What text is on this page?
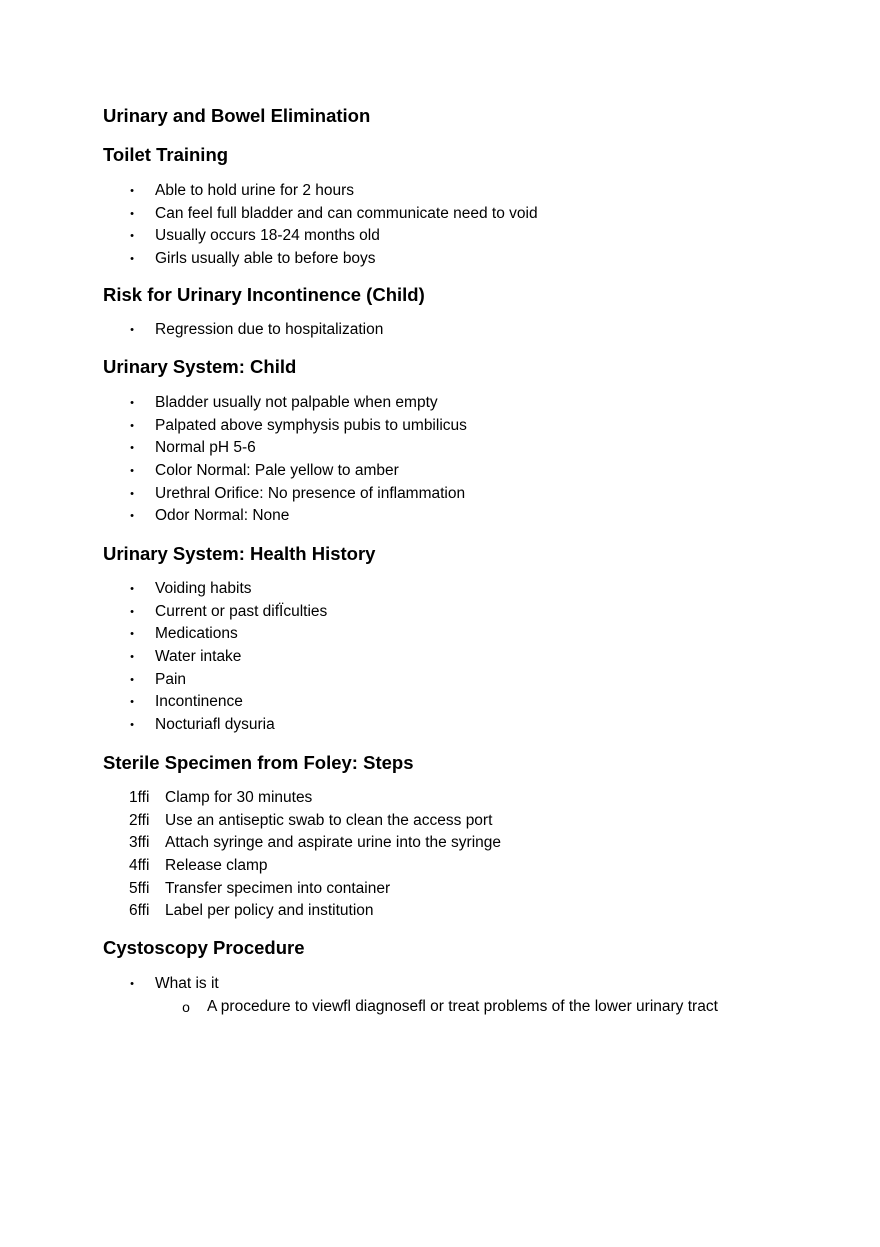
Urinary and Bowel Elimination
Toilet Training
• Able to hold urine for 2 hours
• Can feel full bladder and can communicate need to void
• Usually occurs 18-24 months old
• Girls usually able to before boys
Risk for Urinary Incontinence (Child)
• Regression due to hospitalization
Urinary System: Child
• Bladder usually not palpable when empty
• Palpated above symphysis pubis to umbilicus
• Normal pH 5-6
• Color Normal: Pale yellow to amber
• Urethral Orifice: No presence of inflammation
• Odor Normal: None
Urinary System: Health History
• Voiding habits
• Current or past difÏculties
• Medications
• Water intake
• Pain
• Incontinence
• Nocturiafl dysuria
Sterile Specimen from Foley: Steps
1ffi Clamp for 30 minutes
2ffi Use an antiseptic swab to clean the access port
3ffi Attach syringe and aspirate urine into the syringe
4ffi Release clamp
5ffi Transfer specimen into container
6ffi Label per policy and institution
Cystoscopy Procedure
• What is it
o A procedure to viewfl diagnosefl or treat problems of the lower urinary tract
